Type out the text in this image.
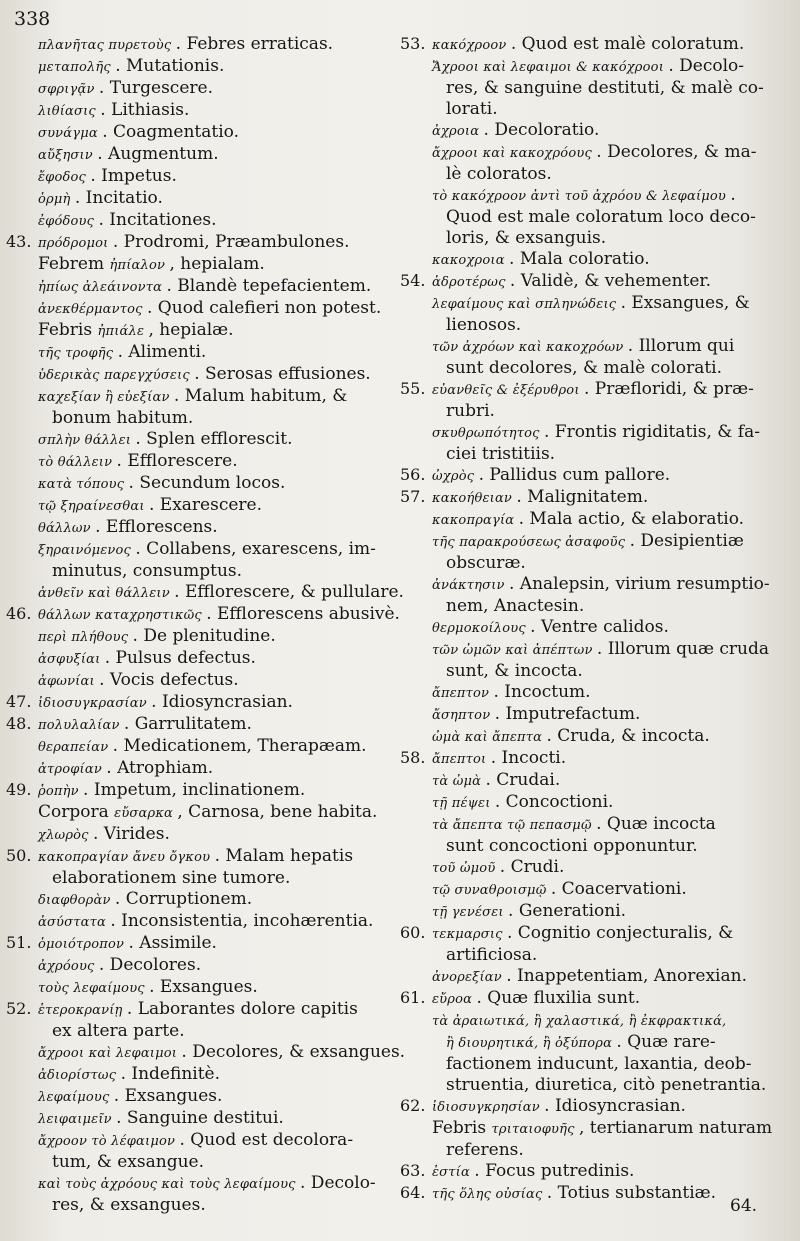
338
πλανῆτας πυρετοὺς . Febres erraticas.
μεταπολῆς . Mutationis.
σφριγᾷν . Turgescere.
λιθίασις . Lithiasis.
συνάγμα . Coagmentatio.
αὔξησιν . Augmentum.
ἔφοδος . Impetus.
ὁρμὴ . Incitatio.
ἐφόδους . Incitationes.
43. πρόδρομοι . Prodromi, Præambulones.
Febrem ἠπίαλον , hepialam.
ἠπίως ἀλεάινοντα . Blandè tepefacientem.
ἀνεκθέρμαντος . Quod calefieri non potest.
Febris ἠπιάλε , hepialæ.
τῆς τροφῆς . Alimenti.
ὑδερικὰς παρεγχύσεις . Serosas effusiones.
καχεξίαν ἢ εὐεξίαν . Malum habitum, &
bonum habitum.
σπλὴν θάλλει . Splen efflorescit.
τὸ θάλλειν . Efflorescere.
κατὰ τόπους . Secundum locos.
τῷ ξηραίνεσθαι . Exarescere.
θάλλων . Efflorescens.
ξηραινόμενος . Collabens, exarescens, im-
minutus, consumptus.
ἀνθεῖν καὶ θάλλειν . Efflorescere, & pullulare.
46. θάλλων καταχρηστικῶς . Efflorescens abusivè.
περὶ πλήθους . De plenitudine.
ἀσφυξίαι . Pulsus defectus.
ἀφωνίαι . Vocis defectus.
47. ἰδιοσυγκρασίαν . Idiosyncrasian.
48. πολυλαλίαν . Garrulitatem.
θεραπείαν . Medicationem, Therapæam.
ἀτροφίαν . Atrophiam.
49. ῥοπὴν . Impetum, inclinationem.
Corpora εὔσαρκα , Carnosa, bene habita.
χλωρὸς . Virides.
50. κακοπραγίαν ἄνευ ὄγκου . Malam hepatis
elaborationem sine tumore.
διαφθορὰν . Corruptionem.
ἀσύστατα . Inconsistentia, incohærentia.
51. ὁμοιότροπον . Assimile.
ἀχρόους . Decolores.
τοὺς λεφαίμους . Exsangues.
52. ἑτεροκρανίῃ . Laborantes dolore capitis
ex altera parte.
ἄχροοι καὶ λεφαιμοι . Decolores, & exsangues.
ἀδιορίστως . Indefinitè.
λεφαίμους . Exsangues.
λειφαιμεῖν . Sanguine destitui.
ἄχροον τὸ λέφαιμον . Quod est decolora-
tum, & exsangue.
καὶ τοὺς ἀχρόους καὶ τοὺς λεφαίμους . Decolo-
res, & exsangues.
53. κακόχροον . Quod est malè coloratum.
Ἄχροοι καὶ λεφαιμοι & κακόχροοι . Decolo-
res, & sanguine destituti, & malè co-
lorati.
ἀχροια . Decoloratio.
ἄχροοι καὶ κακοχρόους . Decolores, & ma-
lè coloratos.
τὸ κακόχροον ἀντὶ τοῦ ἀχρόου & λεφαίμου .
Quod est male coloratum loco deco-
loris, & exsanguis.
κακοχροια . Mala coloratio.
54. ἁδροτέρως . Validè, & vehementer.
λεφαίμους καὶ σπληνώδεις . Exsangues, &
lienosos.
τῶν ἀχρόων καὶ κακοχρόων . Illorum qui
sunt decolores, & malè colorati.
55. εὐανθεῖς & ἐξέρυθροι . Præfloridi, & præ-
rubri.
σκυθρωπότητος . Frontis rigiditatis, & fa-
ciei tristitiis.
56. ὠχρὸς . Pallidus cum pallore.
57. κακοήθειαν . Malignitatem.
κακοπραγία . Mala actio, & elaboratio.
τῆς παρακρούσεως ἀσαφοῦς . Desipientiæ
obscuræ.
ἀνάκτησιν . Analepsin, virium resumptio-
nem, Anactesin.
θερμοκοίλους . Ventre calidos.
τῶν ὠμῶν καὶ ἀπέπτων . Illorum quæ cruda
sunt, & incocta.
ἄπεπτον . Incoctum.
ἄσηπτον . Imputrefactum.
ὠμὰ καὶ ἄπεπτα . Cruda, & incocta.
58. ἄπεπτοι . Incocti.
τὰ ὠμὰ . Crudai.
τῇ πέψει . Concoctioni.
τὰ ἄπεπτα τῷ πεπασμῷ . Quæ incocta
sunt concoctioni opponuntur.
τοῦ ὠμοῦ . Crudi.
τῷ συναθροισμῷ . Coacervationi.
τῇ γενέσει . Generationi.
60. τεκμαρσις . Cognitio conjecturalis, &
artificiosa.
ἀνορεξίαν . Inappetentiam, Anorexian.
61. εὔροα . Quæ fluxilia sunt.
τὰ ἀραιωτικά, ἢ χαλαστικά, ἢ ἐκφρακτικά,
ἢ διουρητικά, ἢ ὀξύπορα . Quæ rare-
factionem inducunt, laxantia, deob-
struentia, diuretica, citò penetrantia.
62. ἰδιοσυγκρησίαν . Idiosyncrasian.
Febris τριταιοφυῆς , tertianarum naturam
referens.
63. ἑστία . Focus putredinis.
64. τῆς ὅλης οὐσίας . Totius substantiæ.
64.
